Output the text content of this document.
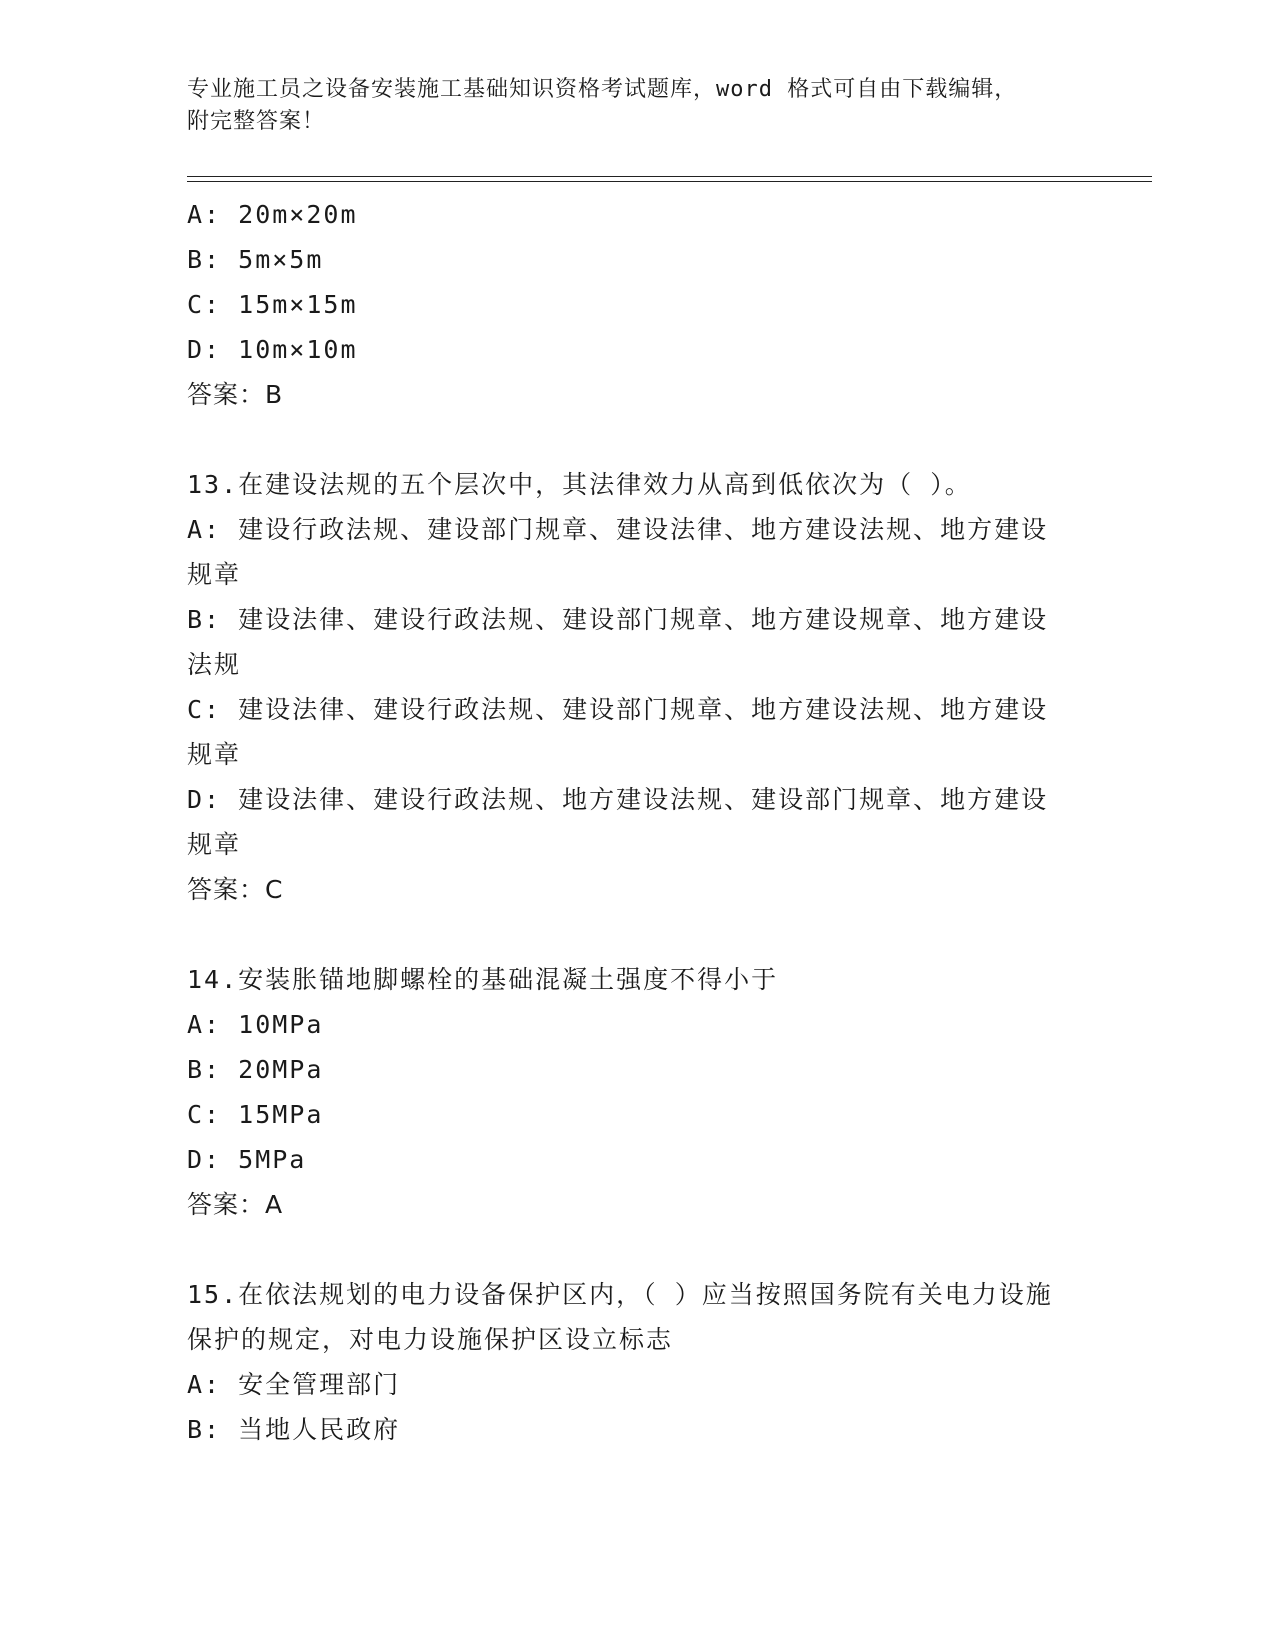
专业施工员之设备安装施工基础知识资格考试题库，word 格式可自由下载编辑，
附完整答案！

A: 20m×20m

B: 5m×5m

C: 15m×15m

D: 10m×10m

答案：B

13.在建设法规的五个层次中，其法律效力从高到低依次为（ ）。

A: 建设行政法规、建设部门规章、建设法律、地方建设法规、地方建设规章

B: 建设法律、建设行政法规、建设部门规章、地方建设规章、地方建设法规

C: 建设法律、建设行政法规、建设部门规章、地方建设法规、地方建设规章

D: 建设法律、建设行政法规、地方建设法规、建设部门规章、地方建设规章

答案：C

14.安装胀锚地脚螺栓的基础混凝土强度不得小于

A: 10MPa

B: 20MPa

C: 15MPa

D: 5MPa

答案：A

15.在依法规划的电力设备保护区内，（ ）应当按照国务院有关电力设施保护的规定，对电力设施保护区设立标志

A: 安全管理部门

B: 当地人民政府
